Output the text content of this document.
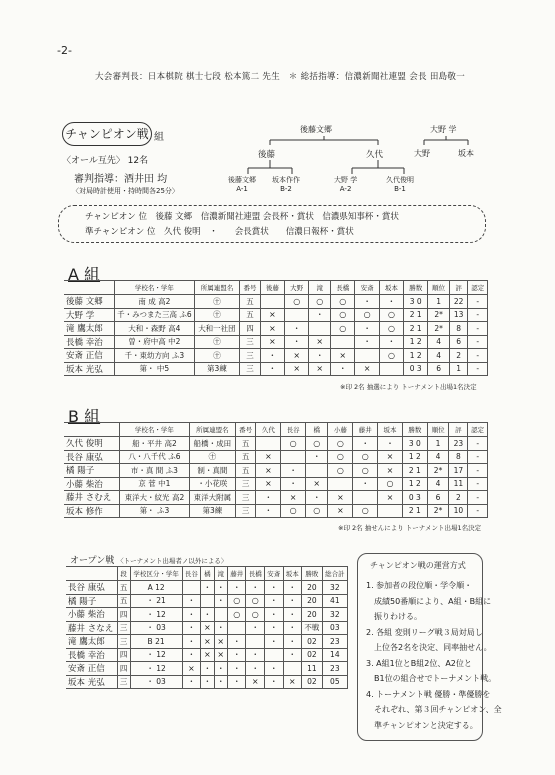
-2-
大会審判長：日本棋院 棋士七段 松本篤二 先生　＊ 総括指導：信濃新聞社連盟 会長 田島敬一
チャンピオン戦 組
〈オール互先〉 12名
審判指導：酒井田 均
〈対局時計使用・持時間各25分〉
後藤文郷
後藤	久代
大野 学
大野	坂本
後藤文郷
A-1
坂本作作
B-2
大野 学
A-2
久代俊明
B-1
チャンピオン 位　 後藤 文郷　 信濃新聞社連盟 会長杯・賞状　信濃県知事杯・賞状
準チャンピオン 位　 久代 俊明　 ・　　会長賞状　　信濃日報杯・賞状
A 組
	学校名・学年	所属連盟名	番号	後藤	大野	滝	長橋	安斎	坂本	勝数	順位	評	認定
後藤 文郷	南 成 高2	㊉	五		○	○	○	・	・	3 0	1	22	-
大野 学	千・みつまた三高 ふ6	㊉	五	×		・	○	○	○	2 1	2*	13	-
滝 鷹太郎	大和・森野 高4	大和一社団	四	×	・		○	・	○	2 1	2*	8	-
長橋 幸治	曽・府中高 中2	㊉	三	×	・	×		・	・	1 2	4	6	-
安斎 正信	千・東幼方向 ふ3	㊉	三	・	×	・	×		○	1 2	4	2	-
坂本 光弘	第・ 中5	第3練	三	・	×	×	・	×		0 3	6	1	-
※印 2名 抽選により トーナメント出場1名決定
B 組
	学校名・学年	所属連盟名	番号	久代	長谷	橋	小藤	藤井	坂本	勝数	順位	評	認定
久代 俊明	船・平井 高2	船橋・成田	五		○	○	○	・	・	3 0	1	23	-
長谷 康弘	八・八千代 ふ6	㊉	五	×		・	○	○	×	1 2	4	8	-
橘 陽子	市・真 間 ふ3	制・真間	五	×	・		○	○	×	2 1	2*	17	-
小藤 柴治	京 菅 中1	・小花咲	三	×	・	×		・	○	1 2	4	11	-
藤井 さむえ	東洋大・紋光 高2	東洋大附属	三	・	×	・	×		×	0 3	6	2	-
坂本 修作	第・ ふ3	第3練	三	・	○	○	×	○		2 1	2*	10	-
※印 2名 抽せんにより トーナメント出場1名決定
オープン戦 〈トーナメント出場者ノ以外による〉
	段	学校区分・学年	長谷	橘	滝	藤井	長橋	安斎	坂本	勝敗	総合計
長谷 康弘	五	A 12		・	・	・	・	・	・	20	32
橘 陽子	五	・ 21	・		・	○	○	・	・	20	41
小藤 柴治	四	・ 12	・	・		○	○	・	・	20	32
藤井 さなえ	三	・ 03	・	×	・		・	・	・	不戦	03
滝 鷹太郎	三	B 21	・	×	×	・		・	・	02	23
長橋 幸治	四	・ 12	・	×	×	・	・		・	02	14
安斎 正信	四	・ 12	×	・	・	・	・	・		11	23
坂本 光弘	三	・ 03	・	・	・	・	×	・	×	02	05
チャンピオン戦の運営方式
1. 参加者の段位順・学令順・
　成績50番順により、A組・B組に
　振りわける。
2. 各組 変則リーグ戦３局対局し
　上位各2名を決定、同率抽せん。
3. A組1位とB組2位、A2位と
　B1位の組合せでトーナメント戦。
4. トーナメント戦 優勝・準優勝を
　それぞれ、第３回チャンピオン、全
　準チャンピオンと決定する。
